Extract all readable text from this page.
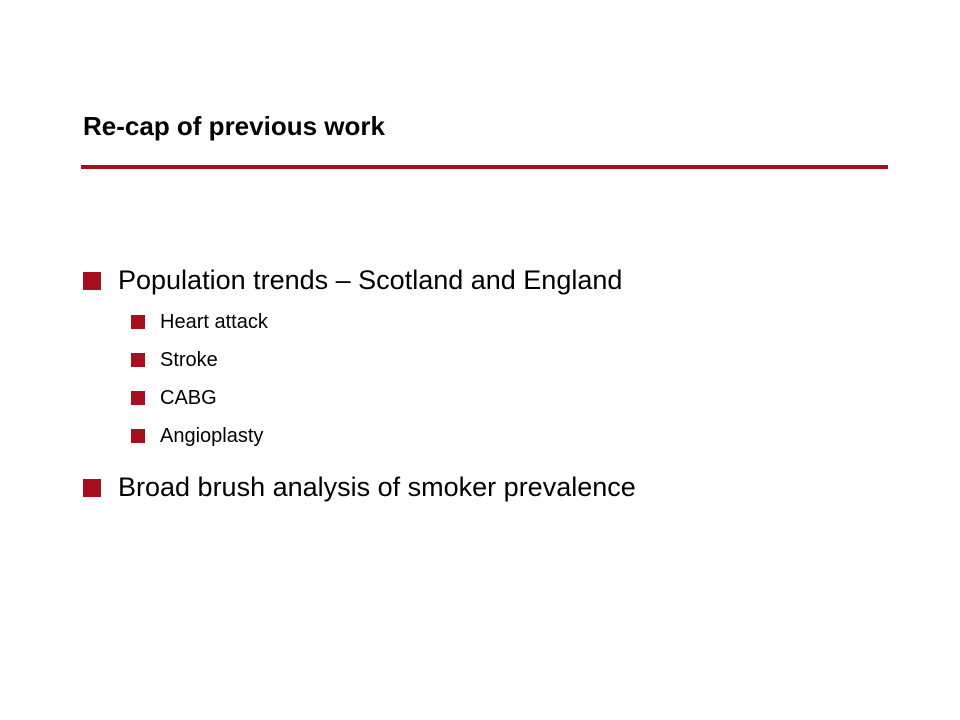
Re-cap of previous work
Population trends – Scotland and England
Heart attack
Stroke
CABG
Angioplasty
Broad brush analysis of smoker prevalence
